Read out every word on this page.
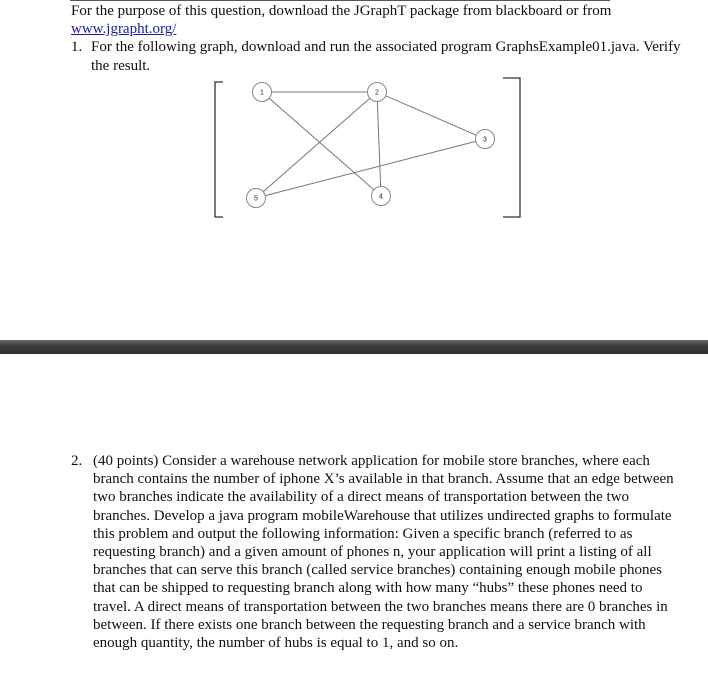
For the purpose of this question, download the JGraphT package from blackboard or from
www.jgrapht.org/
1. For the following graph, download and run the associated program GraphsExample01.java. Verify the result.
1	2
3
4
5
2. (40 points) Consider a warehouse network application for mobile store branches, where each branch contains the number of iphone X’s available in that branch. Assume that an edge between two branches indicate the availability of a direct means of transportation between the two branches. Develop a java program mobileWarehouse that utilizes undirected graphs to formulate this problem and output the following information: Given a specific branch (referred to as requesting branch) and a given amount of phones n, your application will print a listing of all branches that can serve this branch (called service branches) containing enough mobile phones that can be shipped to requesting branch along with how many “hubs” these phones need to travel. A direct means of transportation between the two branches means there are 0 branches in between. If there exists one branch between the requesting branch and a service branch with enough quantity, the number of hubs is equal to 1, and so on.
